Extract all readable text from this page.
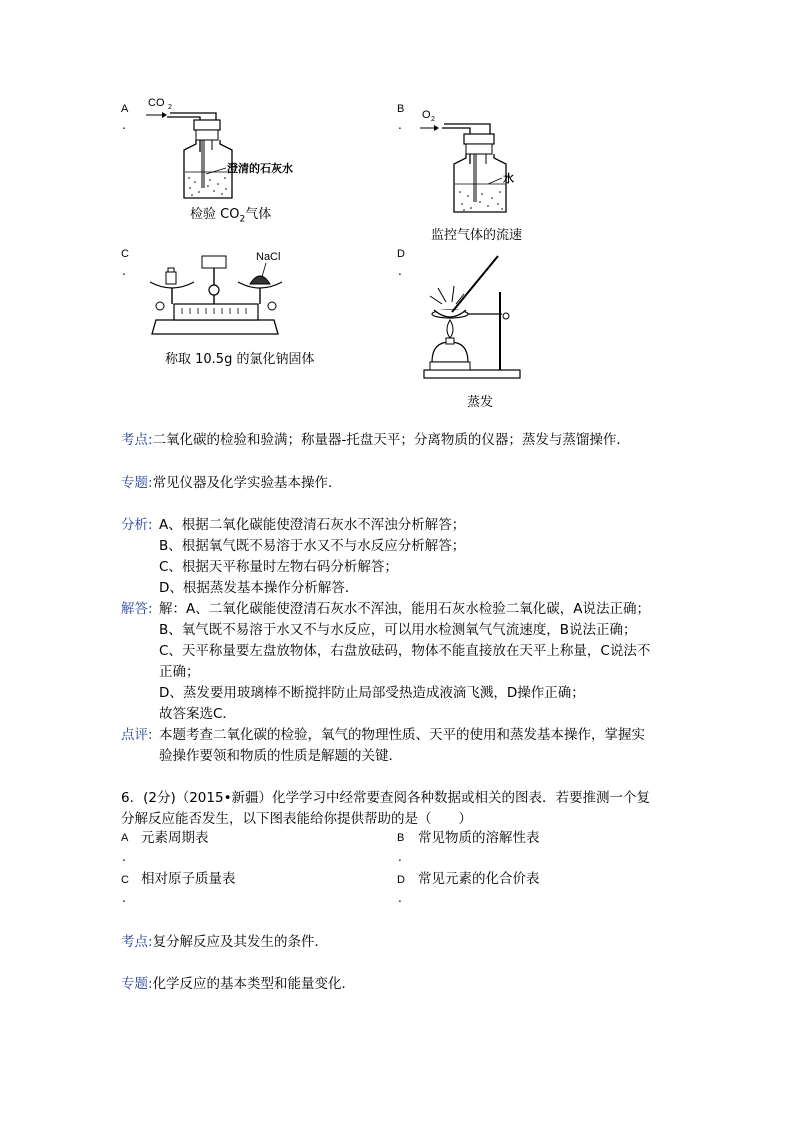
A
.
CO 2
澄清的石灰水
检验 $CO_2$气体
B
.
O 2
水
监控气体的流速
C
.
NaCl
称取 10.5g 的氯化钠固体
D
.
蒸发
考点:二氧化碳的检验和验满；称量器-托盘天平；分离物质的仪器；蒸发与蒸馏操作．
专题:常见仪器及化学实验基本操作．
分析: A、根据二氧化碳能使澄清石灰水不浑浊分析解答；
B、根据氧气既不易溶于水又不与水反应分析解答；
C、根据天平称量时左物右码分析解答；
D、根据蒸发基本操作分析解答．
解答: 解：A、二氧化碳能使澄清石灰水不浑浊，能用石灰水检验二氧化碳，A说法正确；
B、氧气既不易溶于水又不与水反应，可以用水检测氧气气流速度，B说法正确；
C、天平称量要左盘放物体，右盘放砝码，物体不能直接放在天平上称量，C说法不
正确；
D、蒸发要用玻璃棒不断搅拌防止局部受热造成液滴飞溅，D操作正确；
故答案选C．
点评: 本题考查二氧化碳的检验，氧气的物理性质、天平的使用和蒸发基本操作，掌握实
验操作要领和物质的性质是解题的关键．
6．(2分)（2015•新疆）化学学习中经常要查阅各种数据或相关的图表．若要推测一个复
分解反应能否发生，以下图表能给你提供帮助的是（　　）
A 元素周期表
.
B 常见物质的溶解性表
.
C 相对原子质量表
.
D 常见元素的化合价表
.
考点:复分解反应及其发生的条件．
专题:化学反应的基本类型和能量变化．
